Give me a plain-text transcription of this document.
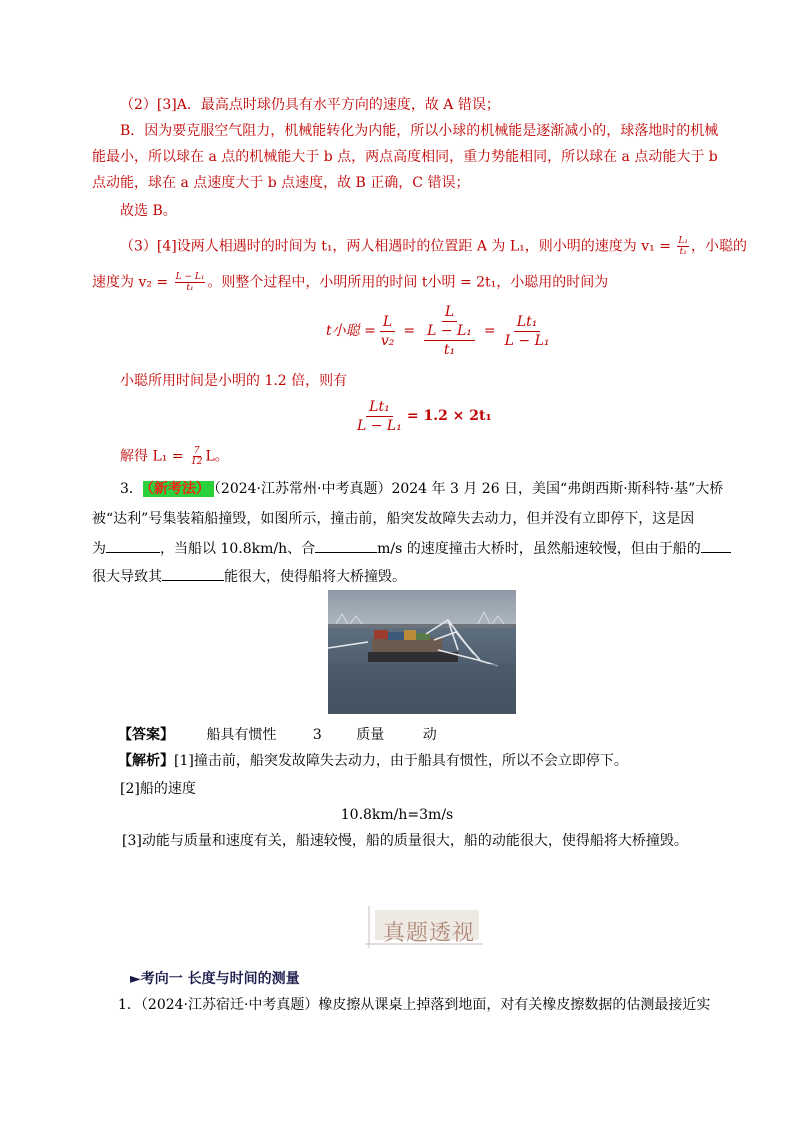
（2）[3]A．最高点时球仍具有水平方向的速度，故 A 错误；
B．因为要克服空气阻力，机械能转化为内能，所以小球的机械能是逐渐减小的，球落地时的机械
能最小，所以球在 a 点的机械能大于 b 点，两点高度相同，重力势能相同，所以球在 a 点动能大于 b
点动能，球在 a 点速度大于 b 点速度，故 B 正确，C 错误；
故选 B。
（3）[4]设两人相遇时的时间为 t₁，两人相遇时的位置距 A 为 L₁，则小明的速度为 $v_1 = \frac{\text{L₁}}{\text{t₁}}$ ，小聪的
速度为 $v_2 = \frac{\text{L − L₁}}{\text{t₁}}$ 。则整个过程中，小明所用的时间 t小明 = 2t₁，小聪用的时间为
t小聪 = $\frac{L}{\text{v₂}} = \frac{L}{\frac{\text{L − L₁}}{\text{t₁}}} = \frac{\text{Lt₁}}{\text{L − L₁}}$
小聪所用时间是小明的 1.2 倍，则有
$\frac{\text{Lt₁}}{\text{L − L₁}} = 1.2 \times 2t_1$
解得 $L_1 = \frac{7}{12}$ L。
3． （新考法） （2024·江苏常州·中考真题）2024 年 3 月 26 日，美国“弗朗西斯·斯科特·基”大桥
被“达利”号集装箱船撞毁，如图所示，撞击前，船突发故障失去动力，但并没有立即停下，这是因
为	，当船以 10.8km/h、合	m/s 的速度撞击大桥时，虽然船速较慢，但由于船的
很大导致其	能很大，使得船将大桥撞毁。
【答案】 船具有惯性	3 质量	动
【解析】[1]撞击前，船突发故障失去动力，由于船具有惯性，所以不会立即停下。
[2]船的速度
10.8km/h=3m/s
[3]动能与质量和速度有关，船速较慢，船的质量很大，船的动能很大，使得船将大桥撞毁。
真题透视
►考向一 长度与时间的测量
1．（2024·江苏宿迁·中考真题）橡皮擦从课桌上掉落到地面，对有关橡皮擦数据的估测最接近实
